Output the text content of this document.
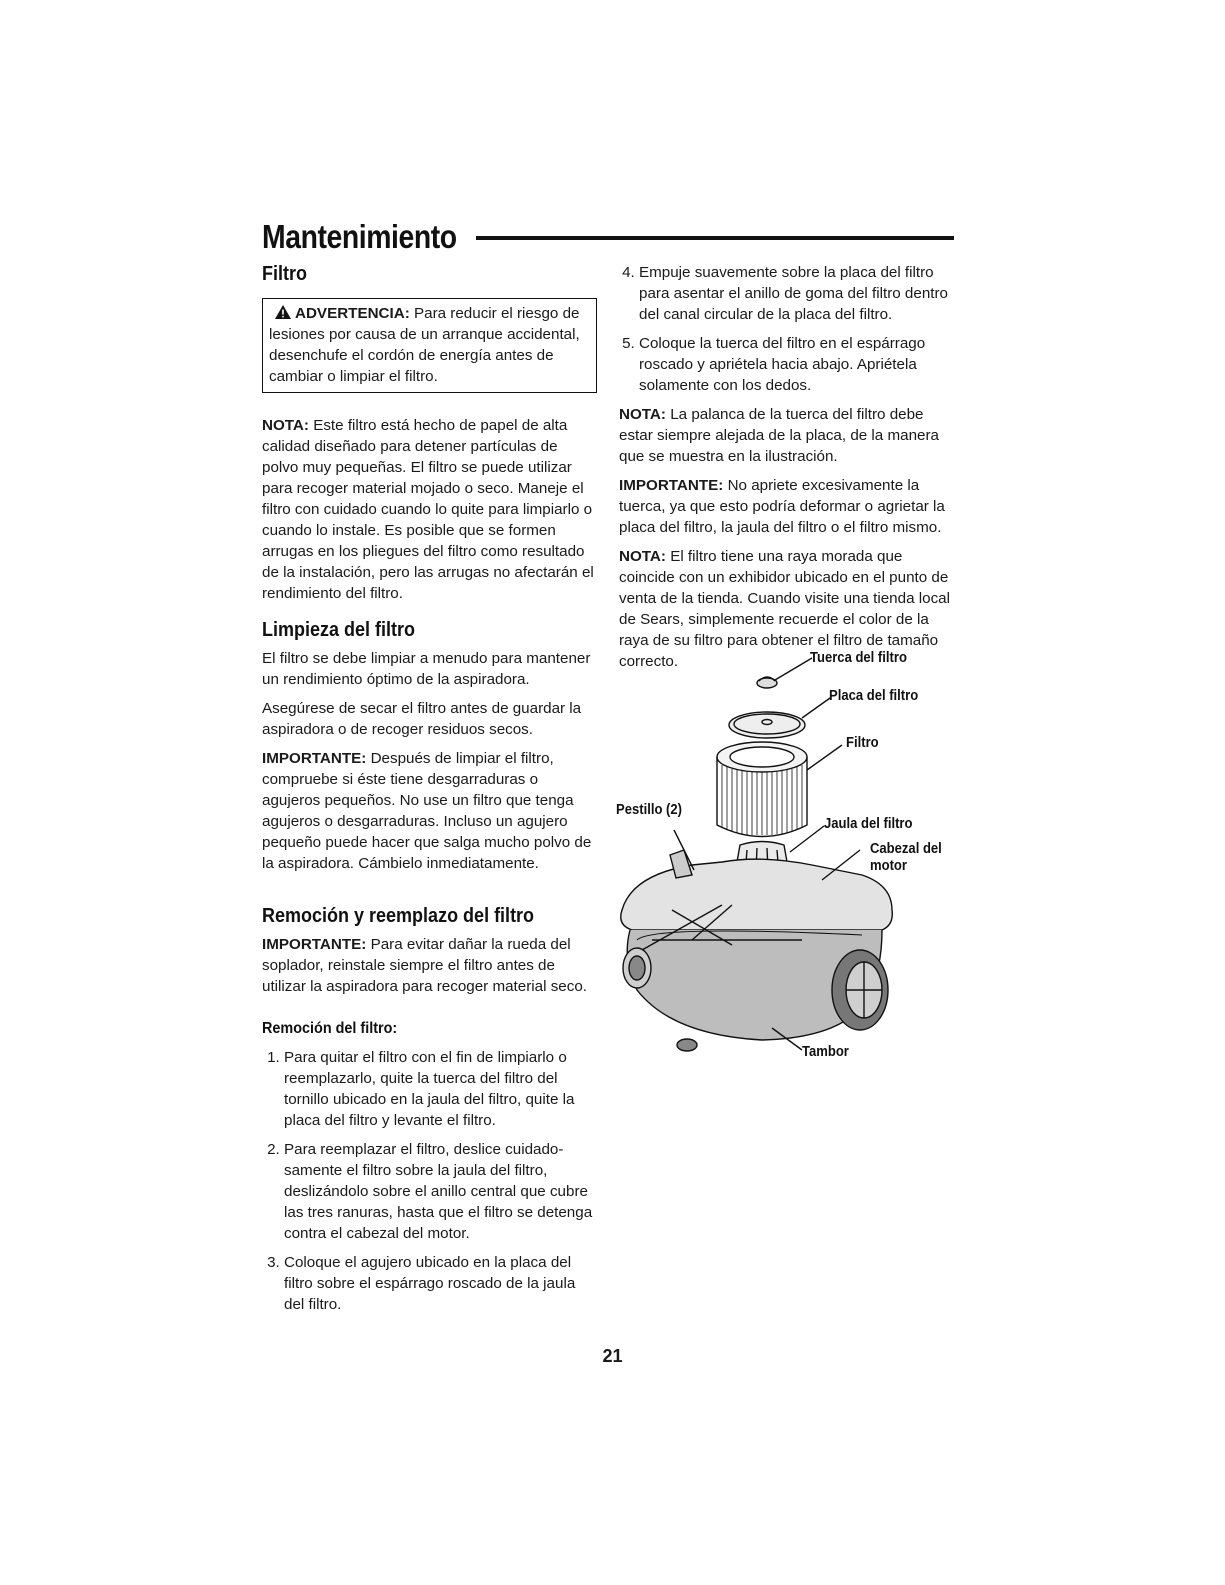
Mantenimiento
Filtro
ADVERTENCIA: Para reducir el riesgo de lesiones por causa de un arranque accidental, desenchufe el cordón de energía antes de cambiar o limpiar el filtro.

NOTA: Este filtro está hecho de papel de alta calidad diseñado para detener partículas de polvo muy pequeñas. El filtro se puede utilizar para recoger material mojado o seco. Maneje el filtro con cuidado cuando lo quite para limpiarlo o cuando lo instale. Es posible que se formen arrugas en los pliegues del filtro como resultado de la instalación, pero las arrugas no afectarán el rendimiento del filtro.

Limpieza del filtro

El filtro se debe limpiar a menudo para mantener un rendimiento óptimo de la aspiradora.

Asegúrese de secar el filtro antes de guardar la aspiradora o de recoger residuos secos.

IMPORTANTE: Después de limpiar el filtro, compruebe si éste tiene desgarraduras o agujeros pequeños. No use un filtro que tenga agujeros o desgarraduras. Incluso un agujero pequeño puede hacer que salga mucho polvo de la aspiradora. Cámbielo inmediatamente.

Remoción y reemplazo del filtro

IMPORTANTE: Para evitar dañar la rueda del soplador, reinstale siempre el filtro antes de utilizar la aspiradora para recoger material seco.

Remoción del filtro:
1. Para quitar el filtro con el fin de limpiarlo o reemplazarlo, quite la tuerca del filtro del tornillo ubicado en la jaula del filtro, quite la placa del filtro y levante el filtro.
2. Para reemplazar el filtro, deslice cuidado-samente el filtro sobre la jaula del filtro, deslizándolo sobre el anillo central que cubre las tres ranuras, hasta que el filtro se detenga contra el cabezal del motor.
3. Coloque el agujero ubicado en la placa del filtro sobre el espárrago roscado de la jaula del filtro.
4. Empuje suavemente sobre la placa del filtro para asentar el anillo de goma del filtro dentro del canal circular de la placa del filtro.
5. Coloque la tuerca del filtro en el espárrago roscado y apriétela hacia abajo. Apriétela solamente con los dedos.

NOTA: La palanca de la tuerca del filtro debe estar siempre alejada de la placa, de la manera que se muestra en la ilustración.

IMPORTANTE: No apriete excesivamente la tuerca, ya que esto podría deformar o agrietar la placa del filtro, la jaula del filtro o el filtro mismo.

NOTA: El filtro tiene una raya morada que coincide con un exhibidor ubicado en el punto de venta de la tienda. Cuando visite una tienda local de Sears, simplemente recuerde el color de la raya de su filtro para obtener el filtro de tamaño correcto.	Tuerca del filtro
Placa del filtro
Filtro
Pestillo (2)
Jaula del filtro
Cabezal del
motor
Tambor
21
